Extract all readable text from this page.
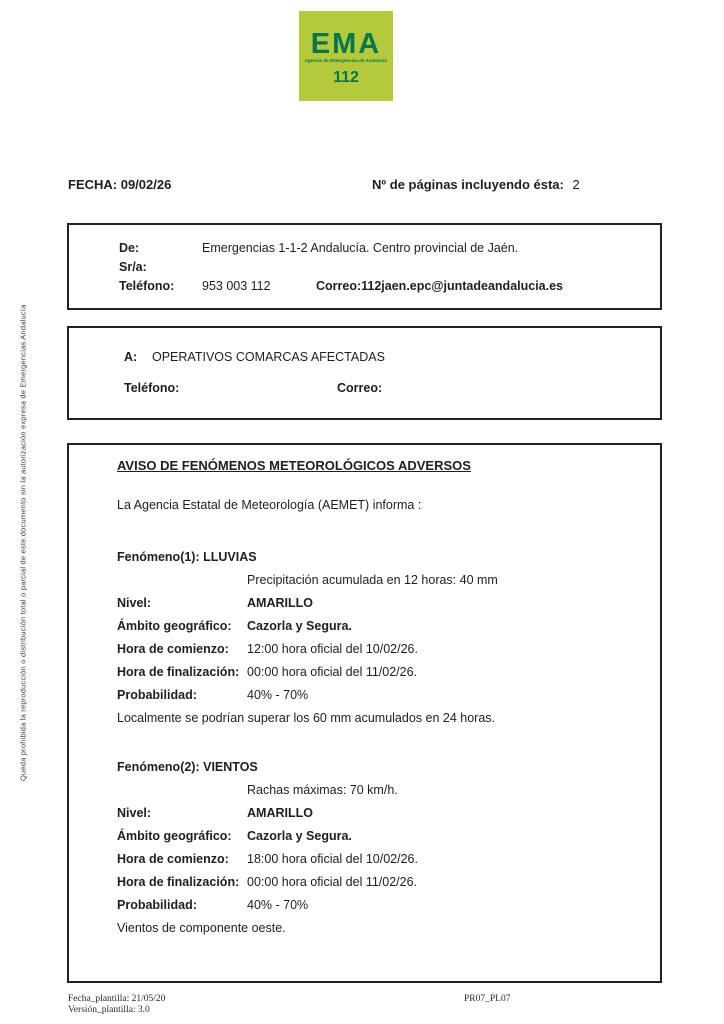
EMA
Agencia de Emergencias de Andalucía
112
FECHA: 09/02/26	Nº de páginas incluyendo ésta: 2
De:	Emergencias 1-1-2 Andalucía. Centro provincial de Jaén.
Sr/a:
Teléfono:	953 003 112	Correo:112jaen.epc@juntadeandalucia.es
A:	OPERATIVOS COMARCAS AFECTADAS
Teléfono:	Correo:
AVISO DE FENÓMENOS METEOROLÓGICOS ADVERSOS
La Agencia Estatal de Meteorología (AEMET) informa :
Fenómeno(1): LLUVIAS
Precipitación acumulada en 12 horas: 40 mm
Nivel:	AMARILLO
Ámbito geográfico:	Cazorla y Segura.
Hora de comienzo:	12:00 hora oficial del 10/02/26.
Hora de finalización: 00:00 hora oficial del 11/02/26.
Probabilidad:	40% - 70%
Localmente se podrían superar los 60 mm acumulados en 24 horas.
Fenómeno(2): VIENTOS
Rachas máximas: 70 km/h.
Nivel:	AMARILLO
Ámbito geográfico:	Cazorla y Segura.
Hora de comienzo:	18:00 hora oficial del 10/02/26.
Hora de finalización: 00:00 hora oficial del 11/02/26.
Probabilidad:	40% - 70%
Vientos de componente oeste.
Queda prohibida la reproducción o distribución total o parcial de este documento sin la autorización expresa de Emergencias Andalucía
Fecha_plantilla: 21/05/20
Versión_plantilla: 3.0
PR07_PL07
